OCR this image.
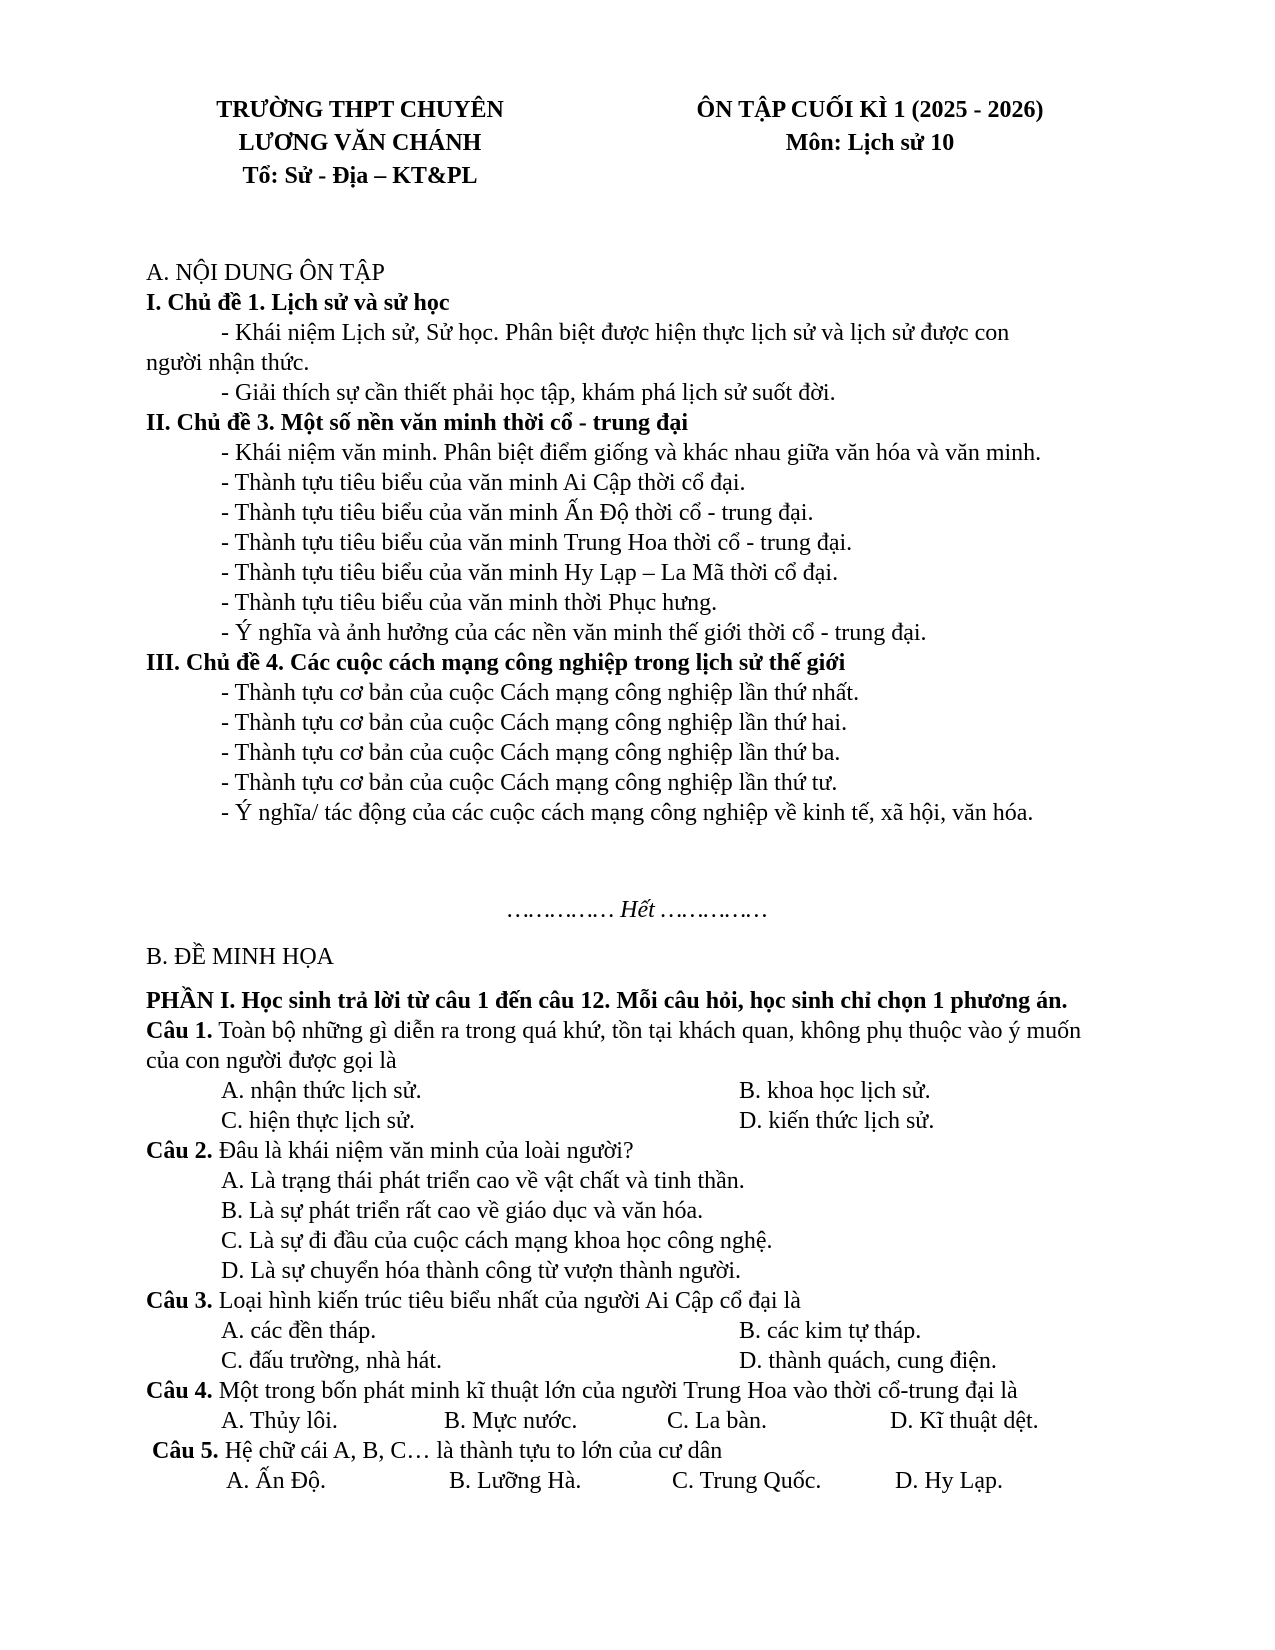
TRƯỜNG THPT CHUYÊN
LƯƠNG VĂN CHÁNH
Tổ: Sử - Địa – KT&PL
ÔN TẬP CUỐI KÌ 1 (2025 - 2026)
Môn: Lịch sử 10
A. NỘI DUNG ÔN TẬP
I. Chủ đề 1. Lịch sử và sử học
- Khái niệm Lịch sử, Sử học. Phân biệt được hiện thực lịch sử và lịch sử được con
người nhận thức.
- Giải thích sự cần thiết phải học tập, khám phá lịch sử suốt đời.
II. Chủ đề 3. Một số nền văn minh thời cổ - trung đại
- Khái niệm văn minh. Phân biệt điểm giống và khác nhau giữa văn hóa và văn minh.
- Thành tựu tiêu biểu của văn minh Ai Cập thời cổ đại.
- Thành tựu tiêu biểu của văn minh Ấn Độ thời cổ - trung đại.
- Thành tựu tiêu biểu của văn minh Trung Hoa thời cổ - trung đại.
- Thành tựu tiêu biểu của văn minh Hy Lạp – La Mã thời cổ đại.
- Thành tựu tiêu biểu của văn minh thời Phục hưng.
- Ý nghĩa và ảnh hưởng của các nền văn minh thế giới thời cổ - trung đại.
III. Chủ đề 4. Các cuộc cách mạng công nghiệp trong lịch sử thế giới
- Thành tựu cơ bản của cuộc Cách mạng công nghiệp lần thứ nhất.
- Thành tựu cơ bản của cuộc Cách mạng công nghiệp lần thứ hai.
- Thành tựu cơ bản của cuộc Cách mạng công nghiệp lần thứ ba.
- Thành tựu cơ bản của cuộc Cách mạng công nghiệp lần thứ tư.
- Ý nghĩa/ tác động của các cuộc cách mạng công nghiệp về kinh tế, xã hội, văn hóa.
…………… Hết ……………
B. ĐỀ MINH HỌA
PHẦN I. Học sinh trả lời từ câu 1 đến câu 12. Mỗi câu hỏi, học sinh chỉ chọn 1 phương án.
Câu 1. Toàn bộ những gì diễn ra trong quá khứ, tồn tại khách quan, không phụ thuộc vào ý muốn
của con người được gọi là
A. nhận thức lịch sử.	B. khoa học lịch sử.
C. hiện thực lịch sử.	D. kiến thức lịch sử.
Câu 2. Đâu là khái niệm văn minh của loài người?
A. Là trạng thái phát triển cao về vật chất và tinh thần.
B. Là sự phát triển rất cao về giáo dục và văn hóa.
C. Là sự đi đầu của cuộc cách mạng khoa học công nghệ.
D. Là sự chuyển hóa thành công từ vượn thành người.
Câu 3. Loại hình kiến trúc tiêu biểu nhất của người Ai Cập cổ đại là
A. các đền tháp.	B. các kim tự tháp.
C. đấu trường, nhà hát.	D. thành quách, cung điện.
Câu 4. Một trong bốn phát minh kĩ thuật lớn của người Trung Hoa vào thời cổ-trung đại là
A. Thủy lôi.	B. Mực nước.	C. La bàn.	D. Kĩ thuật dệt.
Câu 5. Hệ chữ cái A, B, C… là thành tựu to lớn của cư dân
A. Ấn Độ.	B. Lưỡng Hà.	C. Trung Quốc.	D. Hy Lạp.
